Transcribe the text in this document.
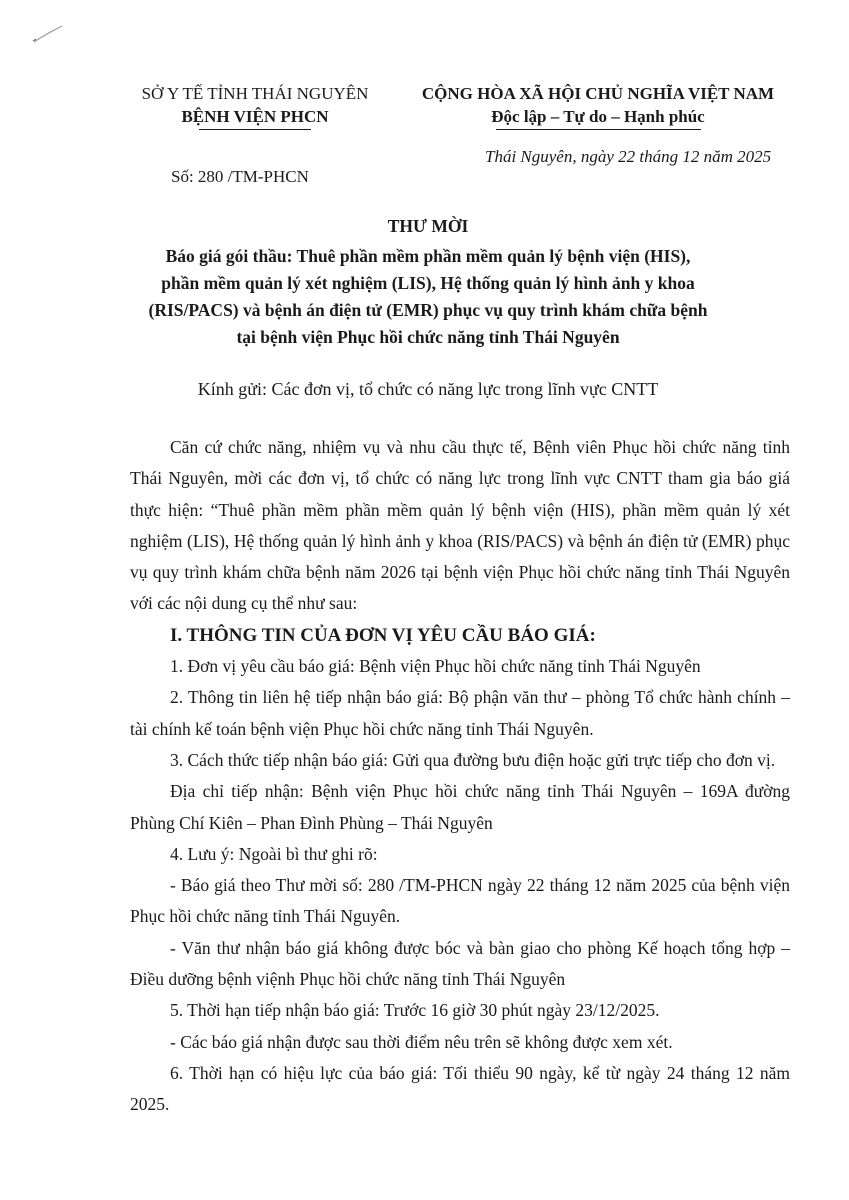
SỞ Y TẾ TỈNH THÁI NGUYÊN
BỆNH VIỆN PHCN
CỘNG HÒA XÃ HỘI CHỦ NGHĨA VIỆT NAM
Độc lập – Tự do – Hạnh phúc
Thái Nguyên, ngày 22 tháng 12 năm 2025
Số: 280 /TM-PHCN
THƯ MỜI
Báo giá gói thầu: Thuê phần mềm phần mềm quản lý bệnh viện (HIS),
phần mềm quản lý xét nghiệm (LIS), Hệ thống quản lý hình ảnh y khoa
(RIS/PACS) và bệnh án điện tử (EMR) phục vụ quy trình khám chữa bệnh
tại bệnh viện Phục hồi chức năng tỉnh Thái Nguyên
Kính gửi: Các đơn vị, tổ chức có năng lực trong lĩnh vực CNTT

Căn cứ chức năng, nhiệm vụ và nhu cầu thực tế, Bệnh viên Phục hồi chức năng tỉnh Thái Nguyên, mời các đơn vị, tổ chức có năng lực trong lĩnh vực CNTT tham gia báo giá thực hiện: “Thuê phần mềm phần mềm quản lý bệnh viện (HIS), phần mềm quản lý xét nghiệm (LIS), Hệ thống quản lý hình ảnh y khoa (RIS/PACS) và bệnh án điện tử (EMR) phục vụ quy trình khám chữa bệnh năm 2026 tại bệnh viện Phục hồi chức năng tỉnh Thái Nguyên với các nội dung cụ thể như sau:

I. THÔNG TIN CỦA ĐƠN VỊ YÊU CẦU BÁO GIÁ:

1. Đơn vị yêu cầu báo giá: Bệnh viện Phục hồi chức năng tỉnh Thái Nguyên

2. Thông tin liên hệ tiếp nhận báo giá: Bộ phận văn thư – phòng Tổ chức hành chính – tài chính kế toán bệnh viện Phục hồi chức năng tỉnh Thái Nguyên.

3. Cách thức tiếp nhận báo giá: Gửi qua đường bưu điện hoặc gửi trực tiếp cho đơn vị.

Địa chỉ tiếp nhận: Bệnh viện Phục hồi chức năng tỉnh Thái Nguyên – 169A đường Phùng Chí Kiên – Phan Đình Phùng – Thái Nguyên

4. Lưu ý: Ngoài bì thư ghi rõ:

- Báo giá theo Thư mời số: 280 /TM-PHCN ngày 22 tháng 12 năm 2025 của bệnh viện Phục hồi chức năng tỉnh Thái Nguyên.

- Văn thư nhận báo giá không được bóc và bàn giao cho phòng Kế hoạch tổng hợp – Điều dưỡng bệnh việnh Phục hồi chức năng tỉnh Thái Nguyên

5. Thời hạn tiếp nhận báo giá: Trước 16 giờ 30 phút ngày 23/12/2025.

- Các báo giá nhận được sau thời điểm nêu trên sẽ không được xem xét.

6. Thời hạn có hiệu lực của báo giá: Tối thiểu 90 ngày, kể từ ngày 24 tháng 12 năm 2025.
